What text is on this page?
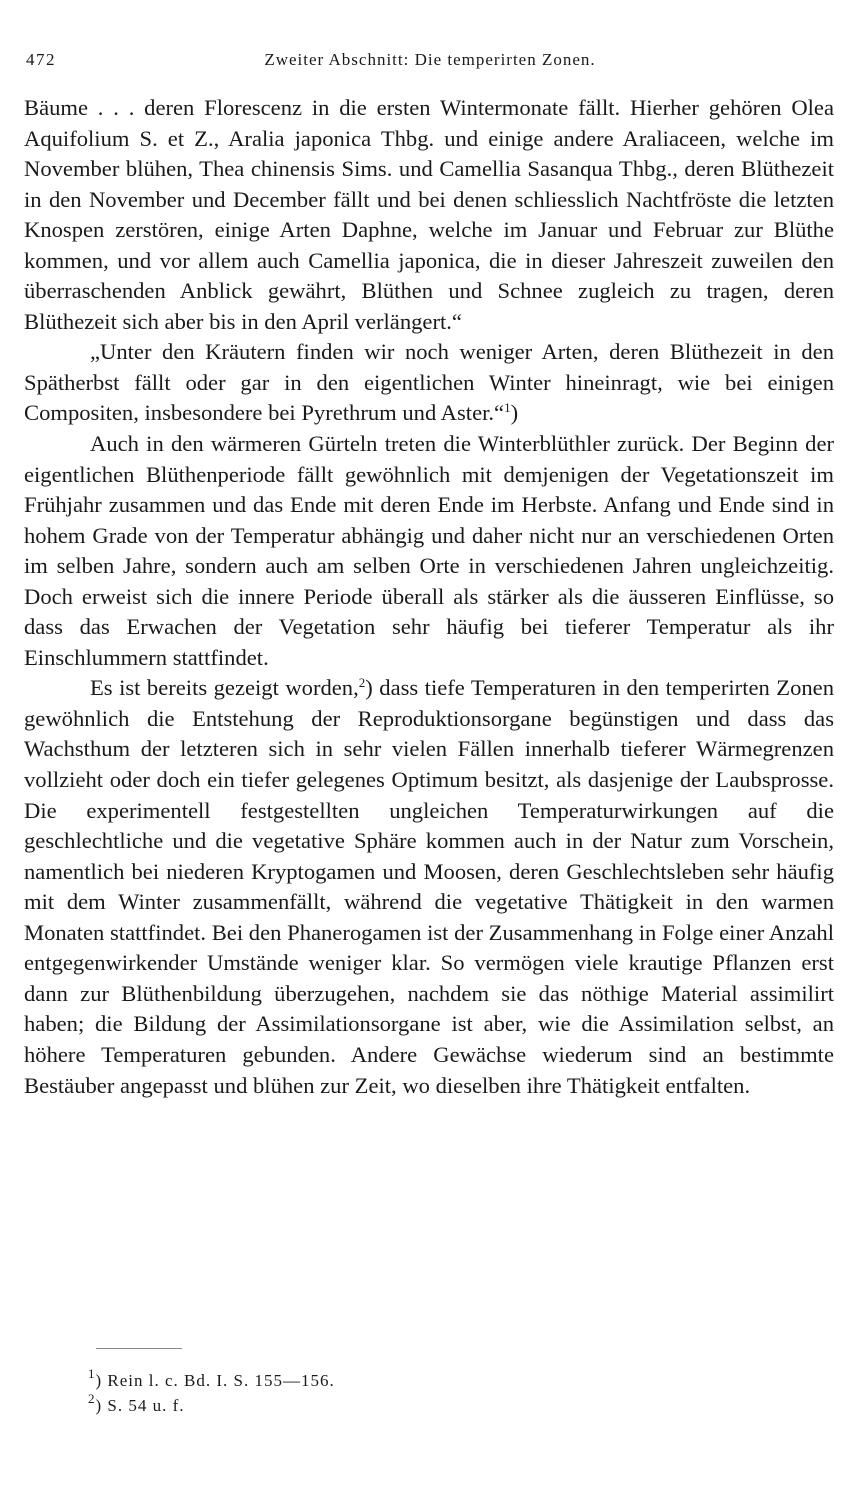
472	Zweiter Abschnitt: Die temperirten Zonen.

Bäume . . . deren Florescenz in die ersten Wintermonate fällt. Hierher gehören Olea Aquifolium S. et Z., Aralia japonica Thbg. und einige andere Araliaceen, welche im November blühen, Thea chinensis Sims. und Camellia Sasanqua Thbg., deren Blüthezeit in den November und December fällt und bei denen schliesslich Nachtfröste die letzten Knospen zerstören, einige Arten Daphne, welche im Januar und Februar zur Blüthe kommen, und vor allem auch Camellia japonica, die in dieser Jahreszeit zuweilen den überraschenden Anblick gewährt, Blüthen und Schnee zugleich zu tragen, deren Blüthezeit sich aber bis in den April verlängert.“

„Unter den Kräutern finden wir noch weniger Arten, deren Blüthezeit in den Spätherbst fällt oder gar in den eigentlichen Winter hineinragt, wie bei einigen Compositen, insbesondere bei Pyrethrum und Aster.“$^1$)

Auch in den wärmeren Gürteln treten die Winterblüthler zurück. Der Beginn der eigentlichen Blüthenperiode fällt gewöhnlich mit demjenigen der Vegetationszeit im Frühjahr zusammen und das Ende mit deren Ende im Herbste. Anfang und Ende sind in hohem Grade von der Temperatur abhängig und daher nicht nur an verschiedenen Orten im selben Jahre, sondern auch am selben Orte in verschiedenen Jahren ungleichzeitig. Doch erweist sich die innere Periode überall als stärker als die äusseren Einflüsse, so dass das Erwachen der Vegetation sehr häufig bei tieferer Temperatur als ihr Einschlummern stattfindet.

Es ist bereits gezeigt worden,$^2$) dass tiefe Temperaturen in den temperirten Zonen gewöhnlich die Entstehung der Reproduktionsorgane begünstigen und dass das Wachsthum der letzteren sich in sehr vielen Fällen innerhalb tieferer Wärmegrenzen vollzieht oder doch ein tiefer gelegenes Optimum besitzt, als dasjenige der Laubsprosse. Die experimentell festgestellten ungleichen Temperaturwirkungen auf die geschlechtliche und die vegetative Sphäre kommen auch in der Natur zum Vorschein, namentlich bei niederen Kryptogamen und Moosen, deren Geschlechtsleben sehr häufig mit dem Winter zusammenfällt, während die vegetative Thätigkeit in den warmen Monaten stattfindet. Bei den Phanerogamen ist der Zusammenhang in Folge einer Anzahl entgegenwirkender Umstände weniger klar. So vermögen viele krautige Pflanzen erst dann zur Blüthenbildung überzugehen, nachdem sie das nöthige Material assimilirt haben; die Bildung der Assimilationsorgane ist aber, wie die Assimilation selbst, an höhere Temperaturen gebunden. Andere Gewächse wiederum sind an bestimmte Bestäuber angepasst und blühen zur Zeit, wo dieselben ihre Thätigkeit entfalten.

$^1$) Rein l. c. Bd. I. S. 155—156.

$^2$) S. 54 u. f.
